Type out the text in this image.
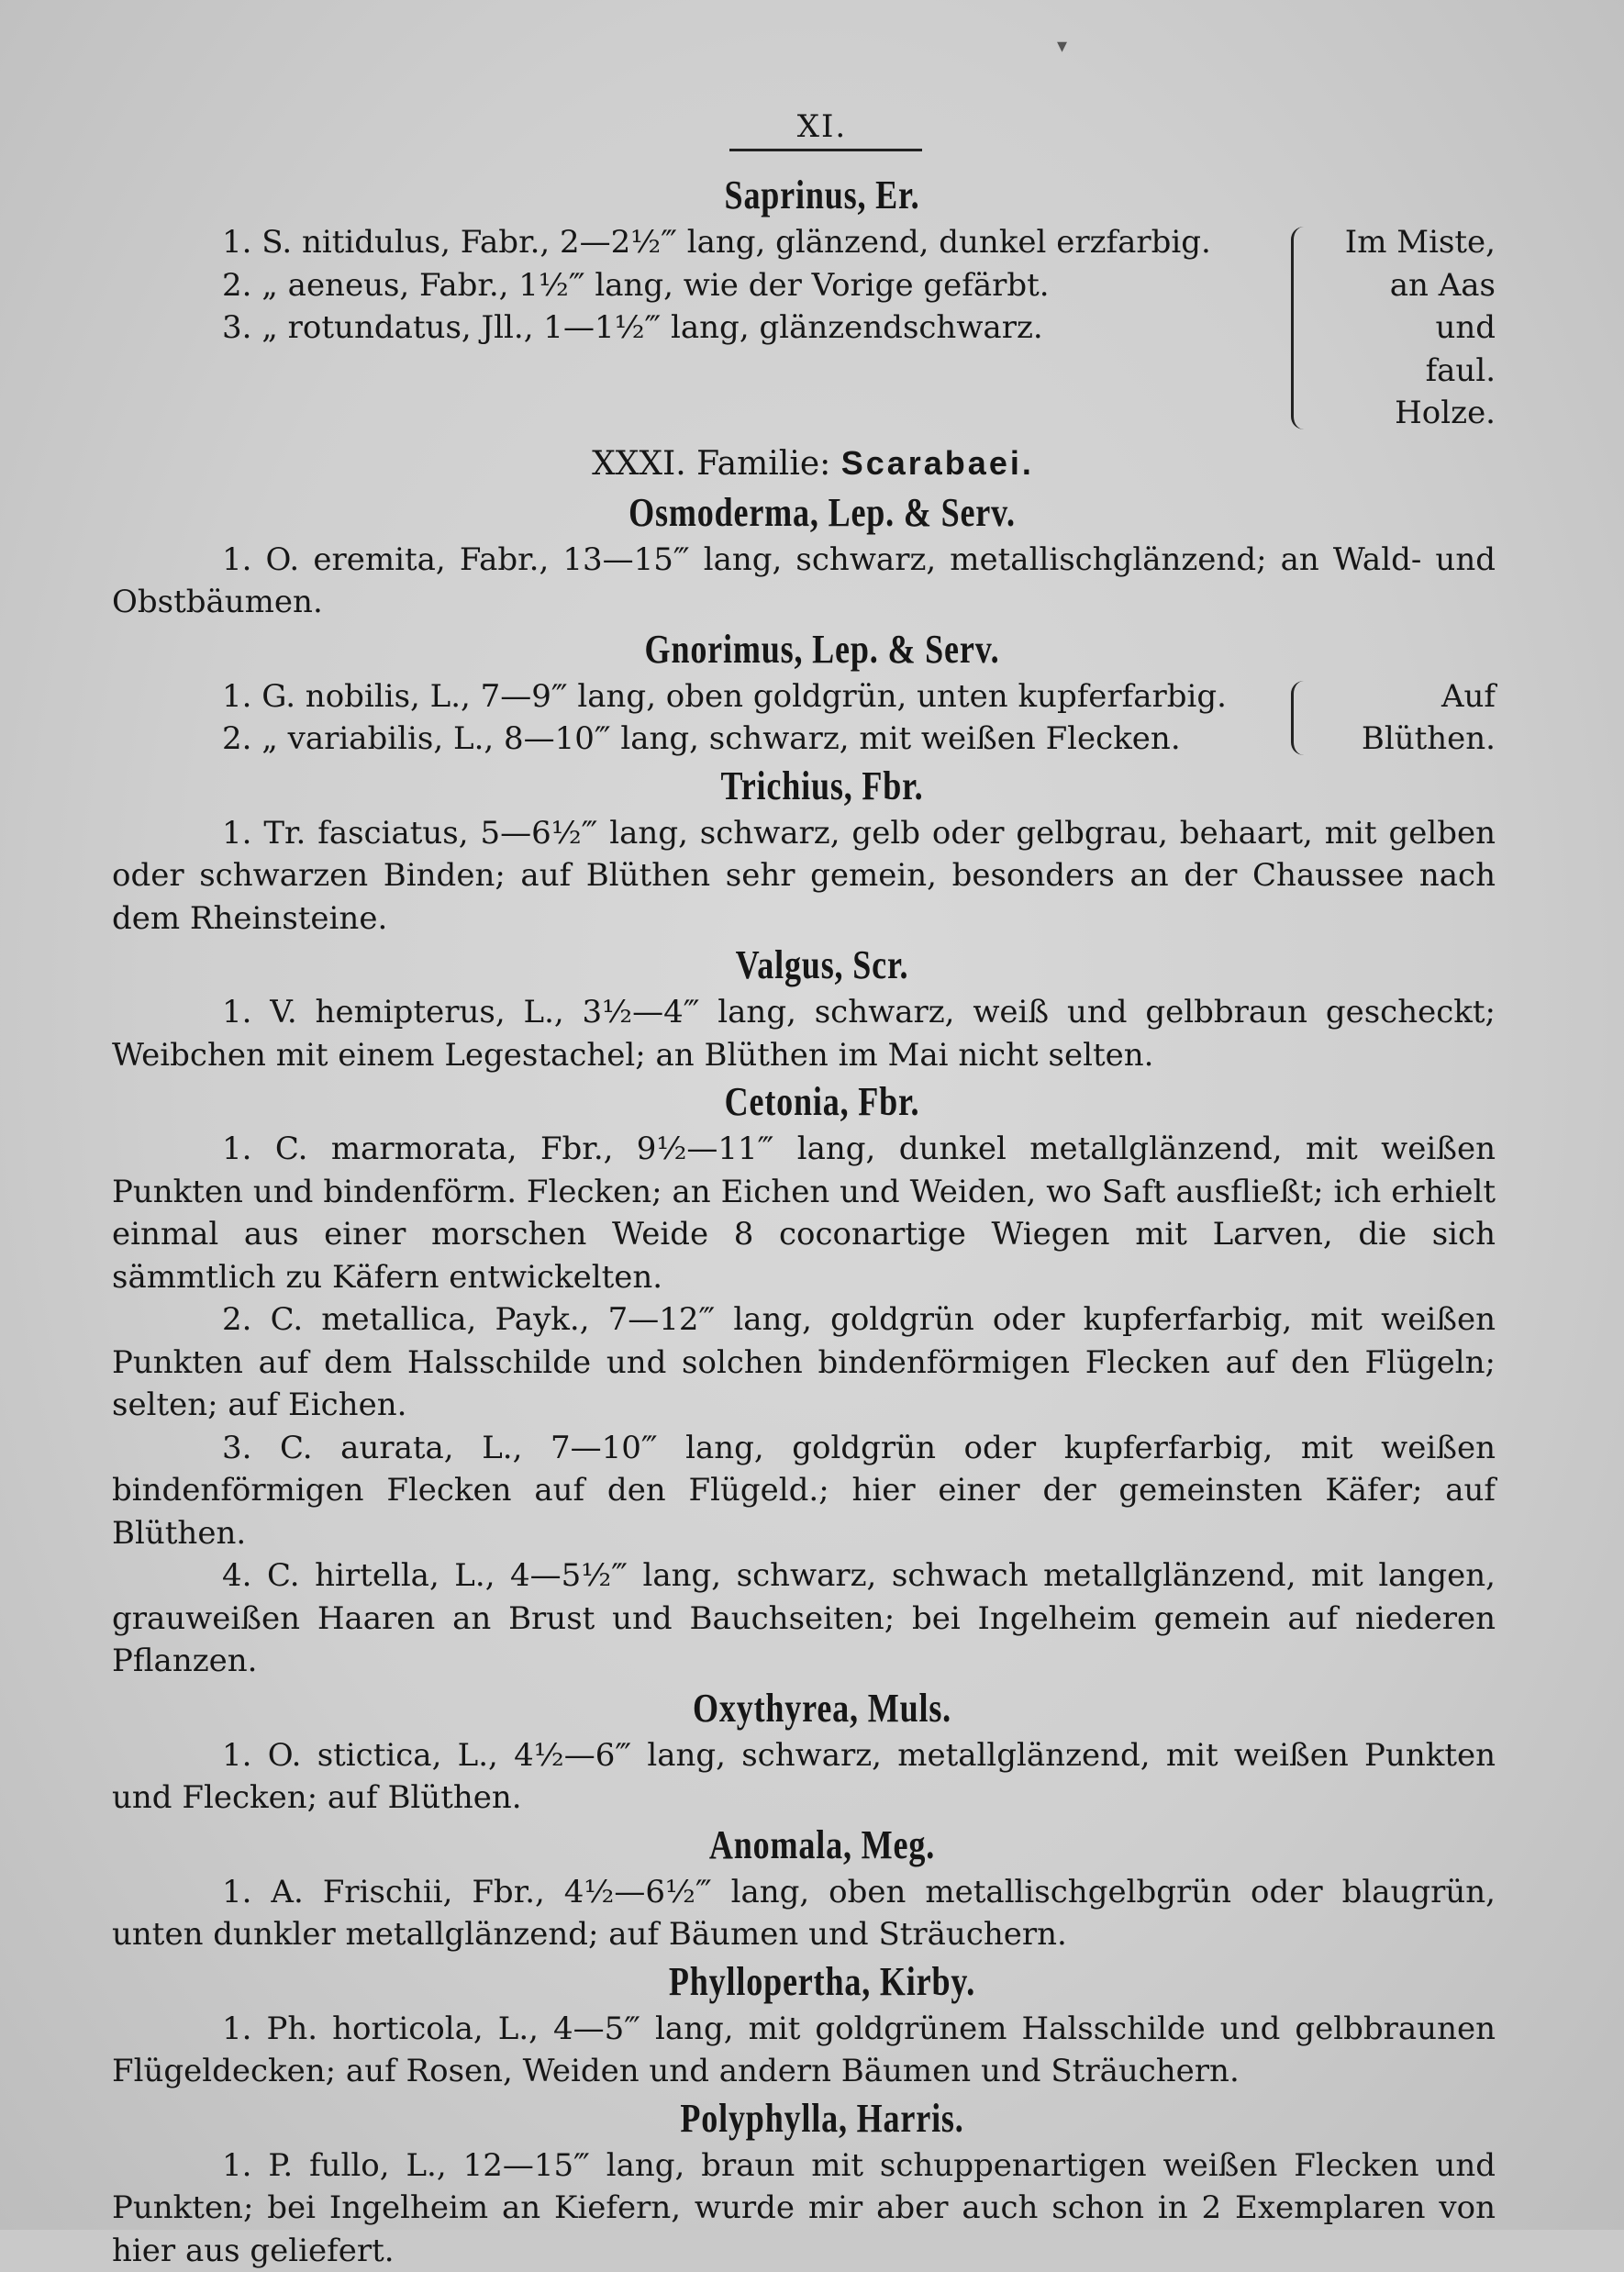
▾
XI.
Saprinus, Er.
1. S. nitidulus, Fabr., 2—2½‴ lang, glänzend, dunkel erzfarbig.
2. „ aeneus, Fabr., 1½‴ lang, wie der Vorige gefärbt.
3. „ rotundatus, Jll., 1—1½‴ lang, glänzendschwarz.
Im Miste,
an Aas und
faul. Holze.
XXXI. Familie: Scarabaei.
Osmoderma, Lep. & Serv.
1. O. eremita, Fabr., 13—15‴ lang, schwarz, metallischglänzend; an Wald- und Obstbäumen.
Gnorimus, Lep. & Serv.
1. G. nobilis, L., 7—9‴ lang, oben goldgrün, unten kupferfarbig.
2. „ variabilis, L., 8—10‴ lang, schwarz, mit weißen Flecken.
Auf
Blüthen.
Trichius, Fbr.
1. Tr. fasciatus, 5—6½‴ lang, schwarz, gelb oder gelbgrau, behaart, mit gelben oder schwarzen Binden; auf Blüthen sehr gemein, besonders an der Chaussee nach dem Rheinsteine.
Valgus, Scr.
1. V. hemipterus, L., 3½—4‴ lang, schwarz, weiß und gelbbraun gescheckt; Weibchen mit einem Legestachel; an Blüthen im Mai nicht selten.
Cetonia, Fbr.
1. C. marmorata, Fbr., 9½—11‴ lang, dunkel metallglänzend, mit weißen Punkten und bindenförm. Flecken; an Eichen und Weiden, wo Saft ausfließt; ich erhielt einmal aus einer morschen Weide 8 coconartige Wiegen mit Larven, die sich sämmtlich zu Käfern entwickelten.
2. C. metallica, Payk., 7—12‴ lang, goldgrün oder kupferfarbig, mit weißen Punkten auf dem Halsschilde und solchen bindenförmigen Flecken auf den Flügeln; selten; auf Eichen.
3. C. aurata, L., 7—10‴ lang, goldgrün oder kupferfarbig, mit weißen bindenförmigen Flecken auf den Flügeld.; hier einer der gemeinsten Käfer; auf Blüthen.
4. C. hirtella, L., 4—5½‴ lang, schwarz, schwach metallglänzend, mit langen, grauweißen Haaren an Brust und Bauchseiten; bei Ingelheim gemein auf niederen Pflanzen.
Oxythyrea, Muls.
1. O. stictica, L., 4½—6‴ lang, schwarz, metallglänzend, mit weißen Punkten und Flecken; auf Blüthen.
Anomala, Meg.
1. A. Frischii, Fbr., 4½—6½‴ lang, oben metallischgelbgrün oder blaugrün, unten dunkler metallglänzend; auf Bäumen und Sträuchern.
Phyllopertha, Kirby.
1. Ph. horticola, L., 4—5‴ lang, mit goldgrünem Halsschilde und gelbbraunen Flügeldecken; auf Rosen, Weiden und andern Bäumen und Sträuchern.
Polyphylla, Harris.
1. P. fullo, L., 12—15‴ lang, braun mit schuppenartigen weißen Flecken und Punkten; bei Ingelheim an Kiefern, wurde mir aber auch schon in 2 Exemplaren von hier aus geliefert.
